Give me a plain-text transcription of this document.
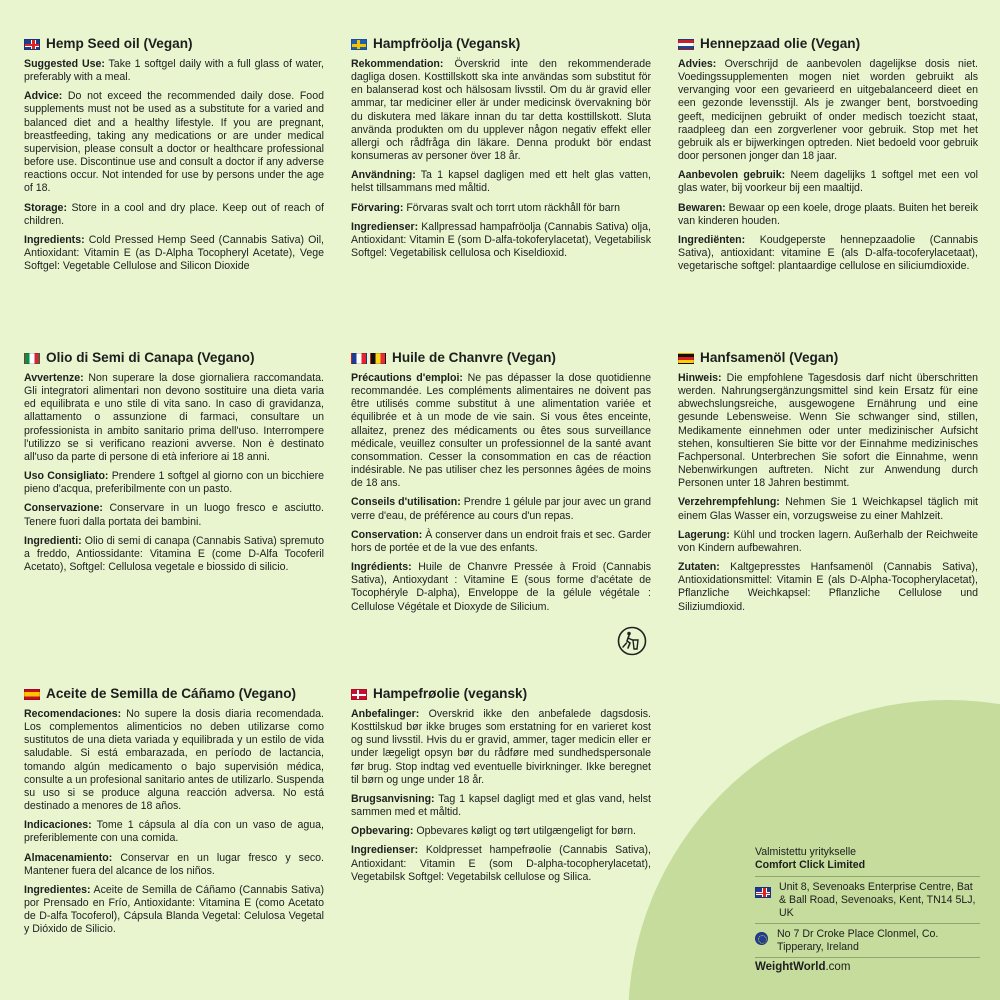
Hemp Seed oil (Vegan)

Suggested Use: Take 1 softgel daily with a full glass of water, preferably with a meal.

Advice: Do not exceed the recommended daily dose. Food supplements must not be used as a substitute for a varied and balanced diet and a healthy lifestyle. If you are pregnant, breastfeeding, taking any medications or are under medical supervision, please consult a doctor or healthcare professional before use. Discontinue use and consult a doctor if any adverse reactions occur. Not intended for use by persons under the age of 18.

Storage: Store in a cool and dry place. Keep out of reach of children.

Ingredients: Cold Pressed Hemp Seed (Cannabis Sativa) Oil, Antioxidant: Vitamin E (as D-Alpha Tocopheryl Acetate), Vege Softgel: Vegetable Cellulose and Silicon Dioxide

Hampfröolja (Vegansk)

Rekommendation: Överskrid inte den rekommenderade dagliga dosen. Kosttillskott ska inte användas som substitut för en balanserad kost och hälsosam livsstil. Om du är gravid eller ammar, tar mediciner eller är under medicinsk övervakning bör du diskutera med läkare innan du tar detta kosttillskott. Sluta använda produkten om du upplever någon negativ effekt eller allergi och rådfråga din läkare. Denna produkt bör endast konsumeras av personer över 18 år.

Användning: Ta 1 kapsel dagligen med ett helt glas vatten, helst tillsammans med måltid.

Förvaring: Förvaras svalt och torrt utom räckhåll för barn

Ingredienser: Kallpressad hampafröolja (Cannabis Sativa) olja, Antioxidant: Vitamin E (som D-alfa-tokoferylacetat), Vegetabilisk Softgel: Vegetabilisk cellulosa och Kiseldioxid.

Hennepzaad olie (Vegan)

Advies: Overschrijd de aanbevolen dagelijkse dosis niet. Voedingssupplementen mogen niet worden gebruikt als vervanging voor een gevarieerd en uitgebalanceerd dieet en een gezonde levensstijl. Als je zwanger bent, borstvoeding geeft, medicijnen gebruikt of onder medisch toezicht staat, raadpleeg dan een zorgverlener voor gebruik. Stop met het gebruik als er bijwerkingen optreden. Niet bedoeld voor gebruik door personen jonger dan 18 jaar.

Aanbevolen gebruik: Neem dagelijks 1 softgel met een vol glas water, bij voorkeur bij een maaltijd.

Bewaren: Bewaar op een koele, droge plaats. Buiten het bereik van kinderen houden.

Ingrediënten: Koudgeperste hennepzaadolie (Cannabis Sativa), antioxidant: vitamine E (als D-alfa-tocoferylacetaat), vegetarische softgel: plantaardige cellulose en siliciumdioxide.

Olio di Semi di Canapa (Vegano)

Avvertenze: Non superare la dose giornaliera raccomandata. Gli integratori alimentari non devono sostituire una dieta varia ed equilibrata e uno stile di vita sano. In caso di gravidanza, allattamento o assunzione di farmaci, consultare un professionista in ambito sanitario prima dell'uso. Interrompere l'utilizzo se si verificano reazioni avverse. Non è destinato all'uso da parte di persone di età inferiore ai 18 anni.

Uso Consigliato: Prendere 1 softgel al giorno con un bicchiere pieno d'acqua, preferibilmente con un pasto.

Conservazione: Conservare in un luogo fresco e asciutto. Tenere fuori dalla portata dei bambini.

Ingredienti: Olio di semi di canapa (Cannabis Sativa) spremuto a freddo, Antiossidante: Vitamina E (come D-Alfa Tocoferil Acetato), Softgel: Cellulosa vegetale e biossido di silicio.

Huile de Chanvre (Vegan)

Précautions d'emploi: Ne pas dépasser la dose quotidienne recommandée. Les compléments alimentaires ne doivent pas être utilisés comme substitut à une alimentation variée et équilibrée et à un mode de vie sain. Si vous êtes enceinte, allaitez, prenez des médicaments ou êtes sous surveillance médicale, veuillez consulter un professionnel de la santé avant consommation. Cesser la consommation en cas de réaction indésirable. Ne pas utiliser chez les personnes âgées de moins de 18 ans.

Conseils d'utilisation: Prendre 1 gélule par jour avec un grand verre d'eau, de préférence au cours d'un repas.

Conservation: À conserver dans un endroit frais et sec. Garder hors de portée et de la vue des enfants.

Ingrédients: Huile de Chanvre Pressée à Froid (Cannabis Sativa), Antioxydant : Vitamine E (sous forme d'acétate de Tocophéryle D-alpha), Enveloppe de la gélule végétale : Cellulose Végétale et Dioxyde de Silicium.

Hanfsamenöl (Vegan)

Hinweis: Die empfohlene Tagesdosis darf nicht überschritten werden. Nahrungsergänzungsmittel sind kein Ersatz für eine abwechslungsreiche, ausgewogene Ernährung und eine gesunde Lebensweise. Wenn Sie schwanger sind, stillen, Medikamente einnehmen oder unter medizinischer Aufsicht stehen, konsultieren Sie bitte vor der Einnahme medizinisches Fachpersonal. Unterbrechen Sie sofort die Einnahme, wenn Nebenwirkungen auftreten. Nicht zur Anwendung durch Personen unter 18 Jahren bestimmt.

Verzehrempfehlung: Nehmen Sie 1 Weichkapsel täglich mit einem Glas Wasser ein, vorzugsweise zu einer Mahlzeit.

Lagerung: Kühl und trocken lagern. Außerhalb der Reichweite von Kindern aufbewahren.

Zutaten: Kaltgepresstes Hanfsamenöl (Cannabis Sativa), Antioxidationsmittel: Vitamin E (als D-Alpha-Tocopherylacetat), Pflanzliche Weichkapsel: Pflanzliche Cellulose und Siliziumdioxid.

Aceite de Semilla de Cáñamo (Vegano)

Recomendaciones: No supere la dosis diaria recomendada. Los complementos alimenticios no deben utilizarse como sustitutos de una dieta variada y equilibrada y un estilo de vida saludable. Si está embarazada, en período de lactancia, tomando algún medicamento o bajo supervisión médica, consulte a un profesional sanitario antes de utilizarlo. Suspenda su uso si se produce alguna reacción adversa. No está destinado a menores de 18 años.

Indicaciones: Tome 1 cápsula al día con un vaso de agua, preferiblemente con una comida.

Almacenamiento: Conservar en un lugar fresco y seco. Mantener fuera del alcance de los niños.

Ingredientes: Aceite de Semilla de Cáñamo (Cannabis Sativa) por Prensado en Frío, Antioxidante: Vitamina E (como Acetato de D-alfa Tocoferol), Cápsula Blanda Vegetal: Celulosa Vegetal y Dióxido de Silicio.

Hampefrøolie (vegansk)

Anbefalinger: Overskrid ikke den anbefalede dagsdosis. Kosttilskud bør ikke bruges som erstatning for en varieret kost og sund livsstil. Hvis du er gravid, ammer, tager medicin eller er under lægeligt opsyn bør du rådføre med sundhedspersonale før brug. Stop indtag ved eventuelle bivirkninger. Ikke beregnet til børn og unge under 18 år.

Brugsanvisning: Tag 1 kapsel dagligt med et glas vand, helst sammen med et måltid.

Opbevaring: Opbevares køligt og tørt utilgængeligt for børn.

Ingredienser: Koldpresset hampefrøolie (Cannabis Sativa), Antioxidant: Vitamin E (som D-alpha-tocopherylacetat), Vegetabilsk Softgel: Vegetabilsk cellulose og Silica.

Valmistettu yritykselle
Comfort Click Limited
Unit 8, Sevenoaks Enterprise Centre, Bat & Ball Road, Sevenoaks, Kent, TN14 5LJ, UK
No 7 Dr Croke Place Clonmel, Co. Tipperary, Ireland
WeightWorld.com
